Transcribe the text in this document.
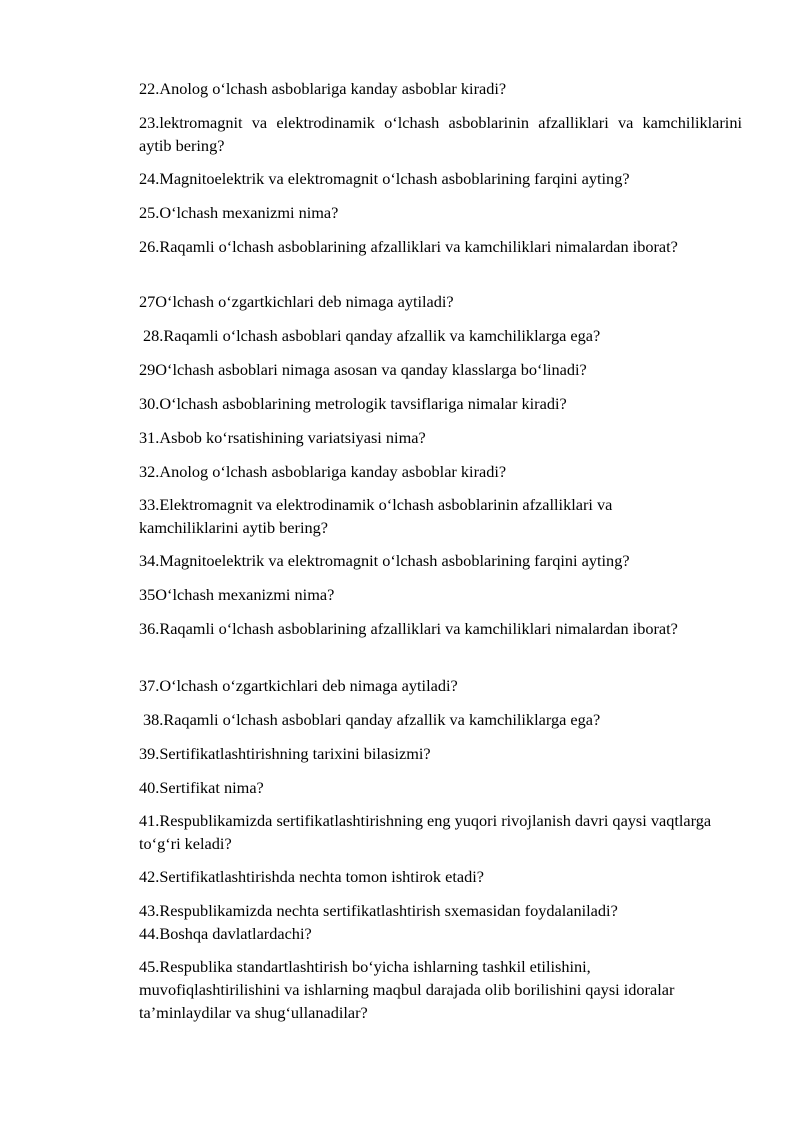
22.Anolog o‘lchash asboblariga kanday asboblar kiradi?

23.lektromagnit va elektrodinamik o‘lchash asboblarinin afzalliklari va kamchiliklarini aytib bering?

24.Magnitoelektrik va elektromagnit o‘lchash asboblarining farqini ayting?

25.O‘lchash mexanizmi nima?

26.Raqamli o‘lchash asboblarining afzalliklari va kamchiliklari nimalardan iborat?

27O‘lchash o‘zgartkichlari deb nimaga aytiladi?

28.Raqamli o‘lchash asboblari qanday afzallik va kamchiliklarga ega?

29O‘lchash asboblari nimaga asosan va qanday klasslarga bo‘linadi?

30.O‘lchash asboblarining metrologik tavsiflariga nimalar kiradi?

31.Asbob ko‘rsatishining variatsiyasi nima?

32.Anolog o‘lchash asboblariga kanday asboblar kiradi?

33.Elektromagnit va elektrodinamik o‘lchash asboblarinin afzalliklari va kamchiliklarini aytib bering?

34.Magnitoelektrik va elektromagnit o‘lchash asboblarining farqini ayting?

35O‘lchash mexanizmi nima?

36.Raqamli o‘lchash asboblarining afzalliklari va kamchiliklari nimalardan iborat?

37.O‘lchash o‘zgartkichlari deb nimaga aytiladi?

38.Raqamli o‘lchash asboblari qanday afzallik va kamchiliklarga ega?

39.Sertifikatlashtirishning tarixini bilasizmi?

40.Sertifikat nima?

41.Respublikamizda sertifikatlashtirishning eng yuqori rivojlanish davri qaysi vaqtlarga to‘g‘ri keladi?

42.Sertifikatlashtirishda nechta tomon ishtirok etadi?

43.Respublikamizda nechta sertifikatlashtirish sxemasidan foydalaniladi?

44.Boshqa davlatlardachi?

45.Respublika standartlashtirish bo‘yicha ishlarning tashkil etilishini, muvofiqlashtirilishini va ishlarning maqbul darajada olib borilishini qaysi idoralar ta’minlaydilar va shug‘ullanadilar?
